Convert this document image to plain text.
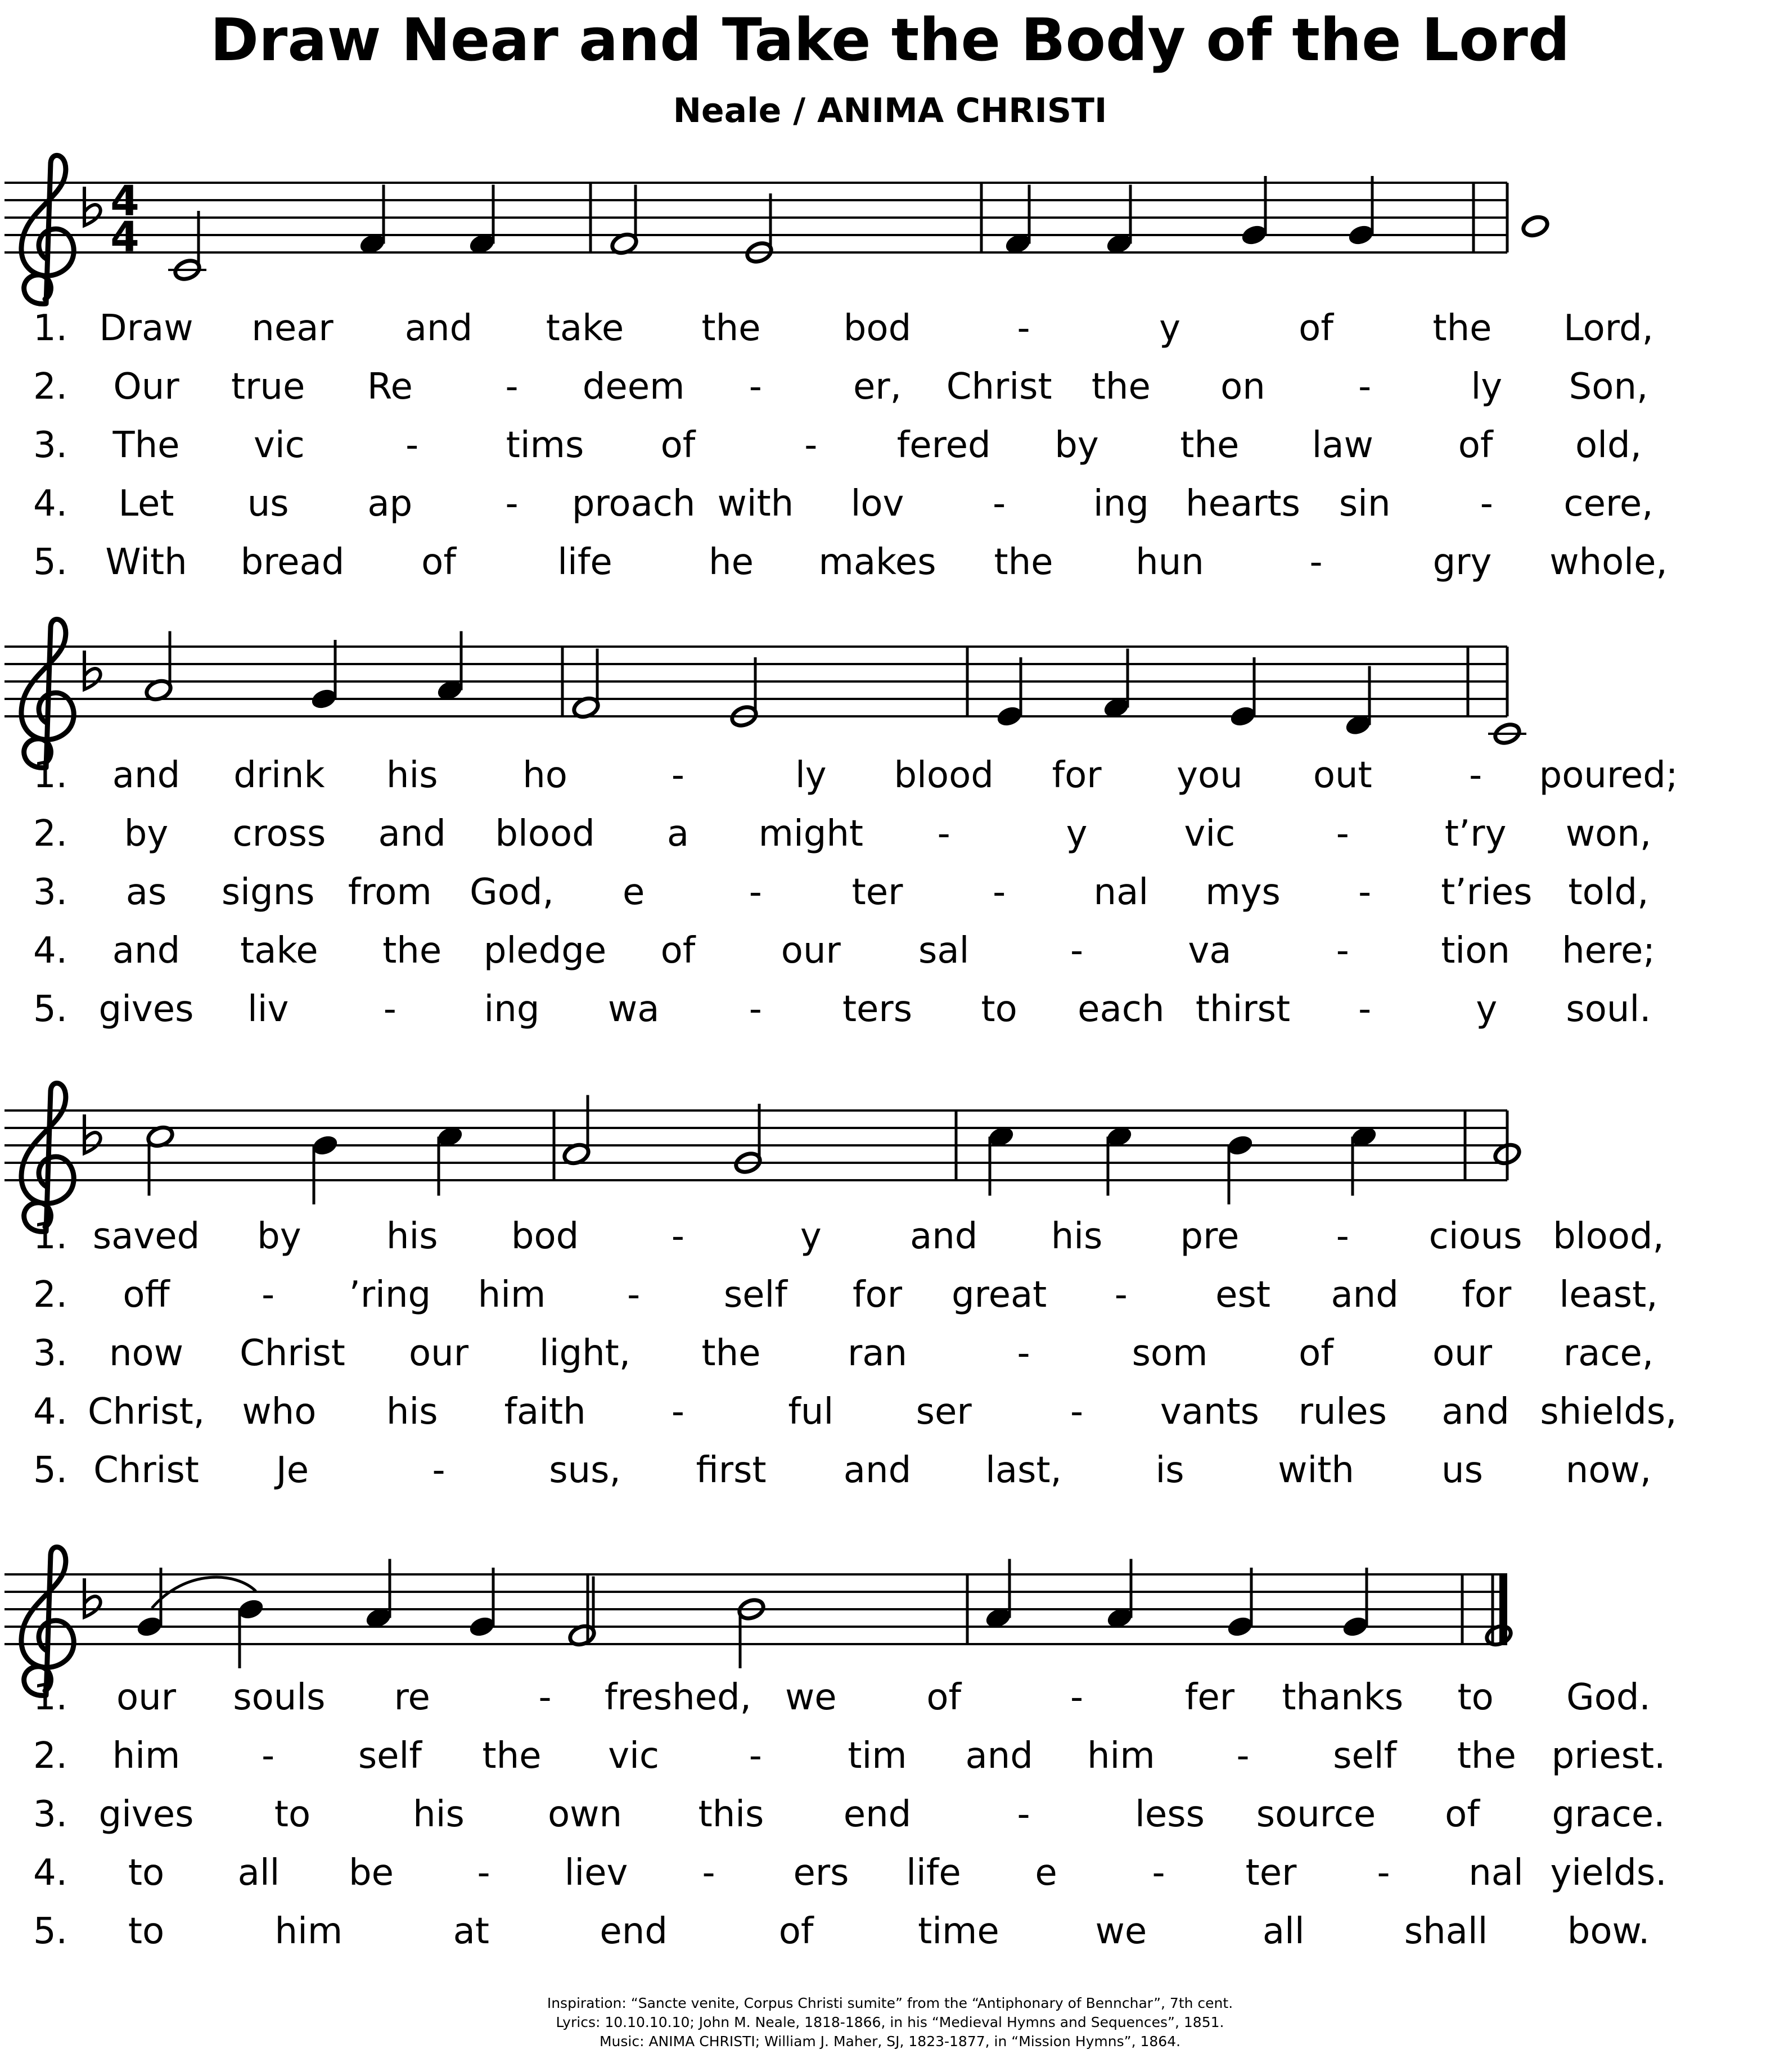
Draw Near and Take the Body of the Lord
Neale / ANIMA CHRISTI
4
4
1. Draw near and take the bod	-	y	of	the Lord,
2. Our true Re	- deem -	er, Christ the on	-	ly Son,
3. The vic	- tims of	- fered by the law of old,
4. Let us ap	- proach with lov - ing hearts sin - cere,
5. With bread of	life	he makes the hun	-	gry whole,
1. and drink his ho	-	ly blood for you out	- poured;
2. by cross and blood a might -	y	vic	-	t’ry won,
3. as signs from God, e	- ter - nal mys - t’ries told,
4. and take the pledge of our sal	-	va	-	tion here;
5. gives liv	- ing wa - ters to each thirst -	y soul.
1. saved by his bod	-	y and his pre	- cious blood,
2. off	- ’ring him - self for great - est and for least,
3. now Christ our light, the ran	-	som	of	our race,
4. Christ, who his faith -	ful ser	- vants rules and shields,
5. Christ Je	-	sus, first and last,	is	with us now,
1. our souls re	- freshed, we of	-	fer thanks to God.
2. him - self the vic - tim and him - self the priest.
3. gives to	his own this end	-	less source of grace.
4. to all be - liev - ers life e	- ter - nal yields.
5. to	him	at	end	of	time	we	all	shall bow.
Inspiration: “Sancte venite, Corpus Christi sumite” from the “Antiphonary of Bennchar”, 7th cent.
Lyrics: 10.10.10.10; John M. Neale, 1818-1866, in his “Medieval Hymns and Sequences”, 1851.
Music: ANIMA CHRISTI; William J. Maher, SJ, 1823-1877, in “Mission Hymns”, 1864.
